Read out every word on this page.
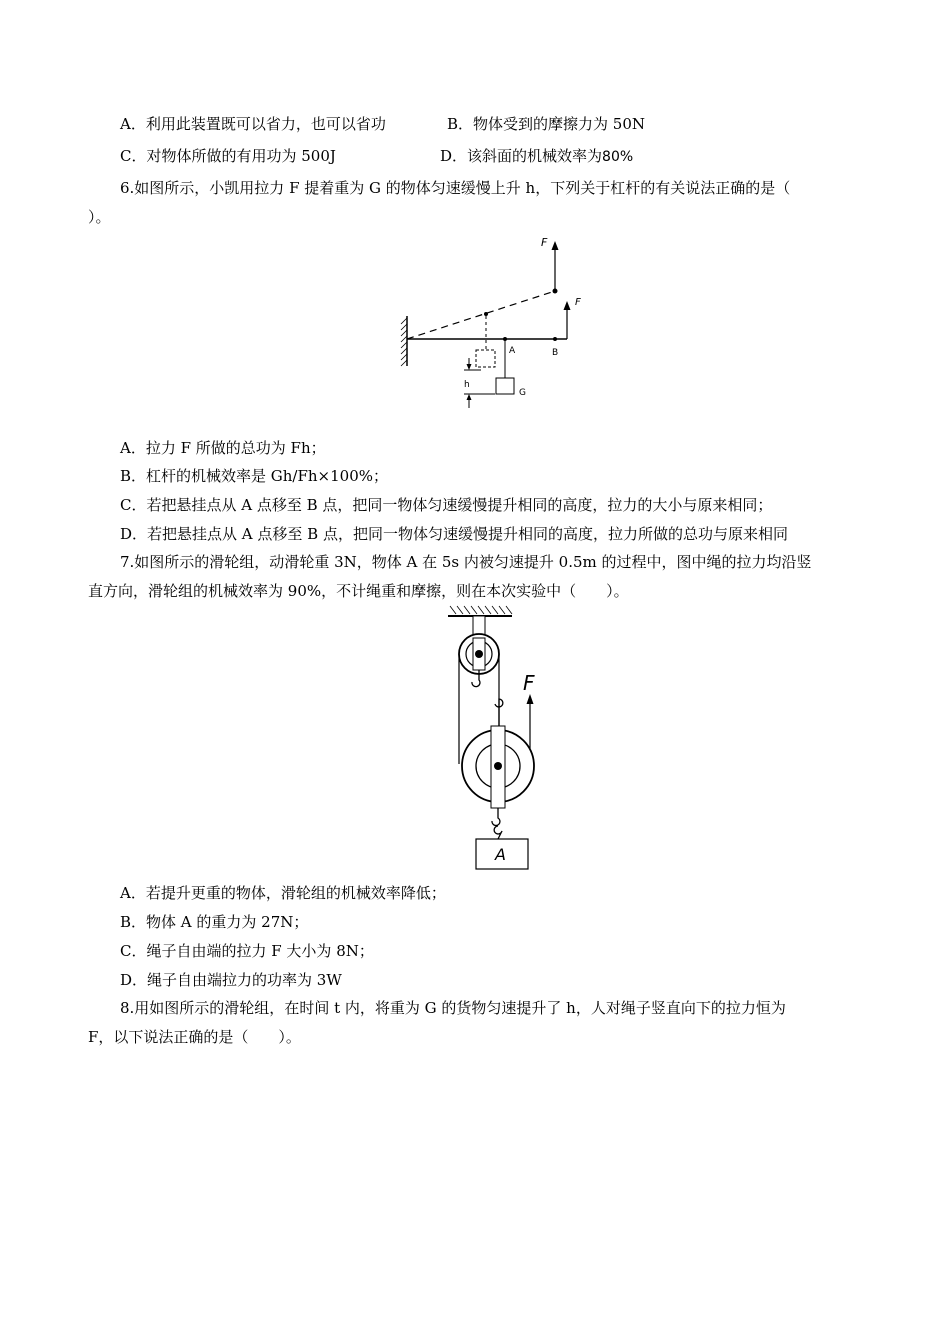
A．利用此装置既可以省力，也可以省功	B．物体受到的摩擦力为 50N
C．对物体所做的有用功为 500J	D．该斜面的机械效率为80%
6.如图所示，小凯用拉力 F 提着重为 G 的物体匀速缓慢上升 h，下列关于杠杆的有关说法正确的是（
）。
F
F
A	B
G
h
A．拉力 F 所做的总功为 Fh；
B．杠杆的机械效率是 Gh/Fh×100%；
C．若把悬挂点从 A 点移至 B 点，把同一物体匀速缓慢提升相同的高度，拉力的大小与原来相同；
D．若把悬挂点从 A 点移至 B 点，把同一物体匀速缓慢提升相同的高度，拉力所做的总功与原来相同
7.如图所示的滑轮组，动滑轮重 3N，物体 A 在 5s 内被匀速提升 0.5m 的过程中，图中绳的拉力均沿竖
直方向，滑轮组的机械效率为 90%，不计绳重和摩擦，则在本次实验中（　　）。
F
A
A．若提升更重的物体，滑轮组的机械效率降低；
B．物体 A 的重力为 27N；
C．绳子自由端的拉力 F 大小为 8N；
D．绳子自由端拉力的功率为 3W
8.用如图所示的滑轮组，在时间 t 内，将重为 G 的货物匀速提升了 h，人对绳子竖直向下的拉力恒为
F，以下说法正确的是（　　）。
